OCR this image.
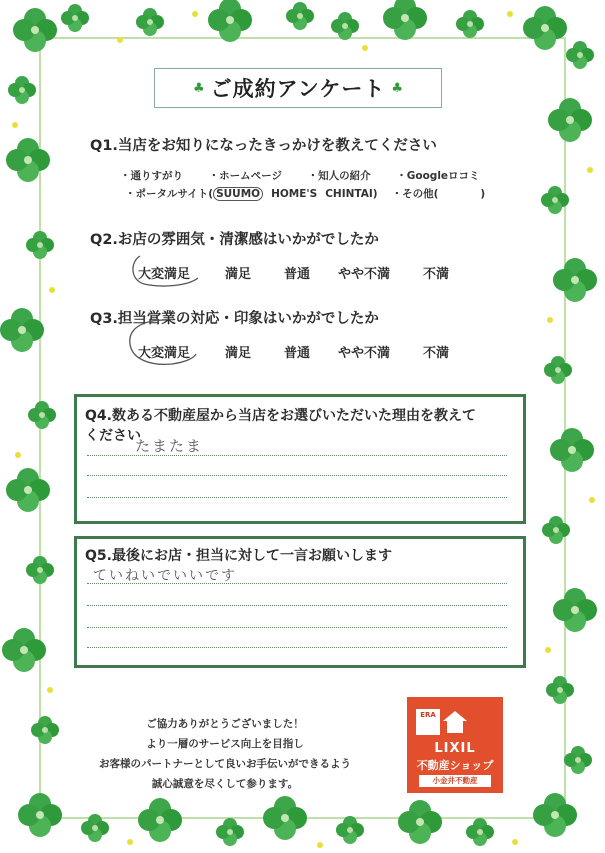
♣ ご成約アンケート ♣
Q1.当店をお知りになったきっかけを教えてください
・通りすがり ・ホームページ ・知人の紹介 ・Googleロコミ
・ポータルサイト( SUUMO HOME'S CHINTAI) ・その他(	)
Q2.お店の雰囲気・清潔感はいかがでしたか
大変満足	満足	普通 やや不満	不満
Q3.担当営業の対応・印象はいかがでしたか
大変満足	満足	普通 やや不満	不満
Q4.数ある不動産屋から当店をお選びいただいた理由を教えて
ください
たまたま
Q5.最後にお店・担当に対して一言お願いします
ていねいでいいです
ご協力ありがとうございました！
より一層のサービス向上を目指し
お客様のパートナーとして良いお手伝いができるよう
誠心誠意を尽くして参ります。
ERA
LIXIL
不動産ショップ
小金井不動産
